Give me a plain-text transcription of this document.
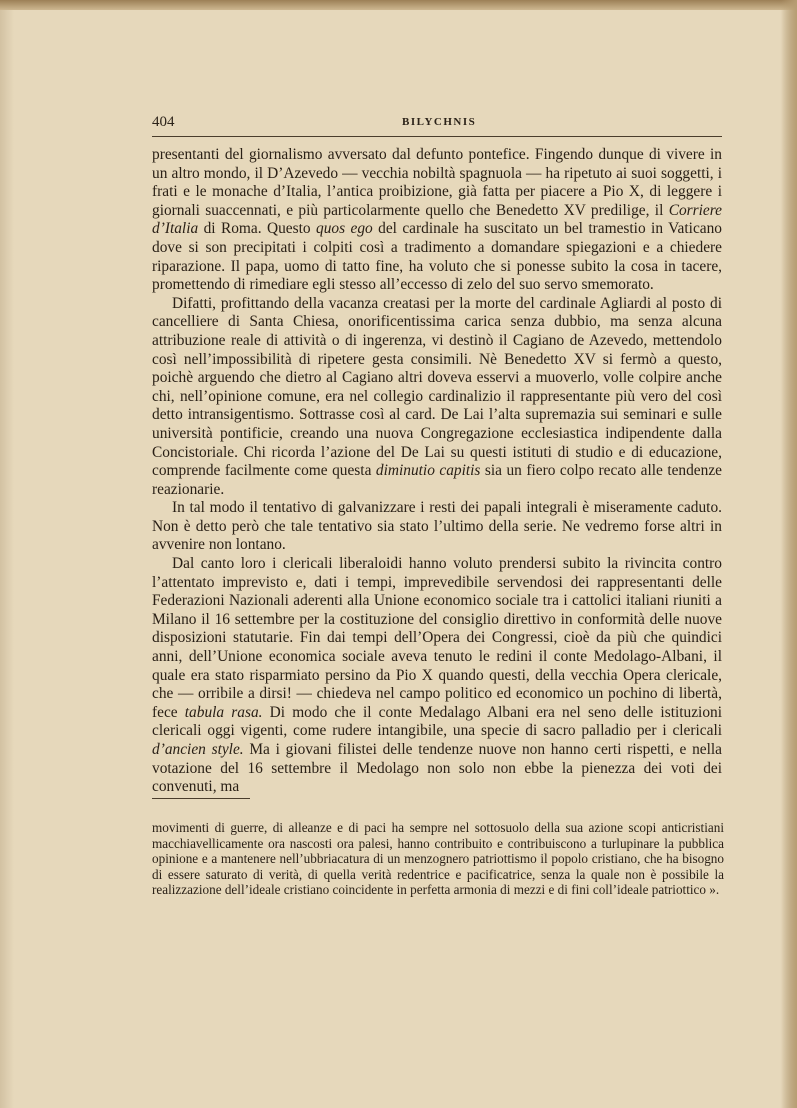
404	BILYCHNIS

presentanti del giornalismo avversato dal defunto pontefice. Fingendo dunque di vivere in un altro mondo, il D’Azevedo — vecchia nobiltà spagnuola — ha ripetuto ai suoi soggetti, i frati e le monache d’Italia, l’antica proibizione, già fatta per piacere a Pio X, di leggere i giornali suaccennati, e più particolarmente quello che Benedetto XV predilige, il Corriere d’Italia di Roma. Questo quos ego del cardinale ha suscitato un bel tramestio in Vaticano dove si son precipitati i colpiti così a tradimento a domandare spiegazioni e a chiedere riparazione. Il papa, uomo di tatto fine, ha voluto che si ponesse subito la cosa in tacere, promettendo di rimediare egli stesso all’eccesso di zelo del suo servo smemorato.

Difatti, profittando della vacanza creatasi per la morte del cardinale Agliardi al posto di cancelliere di Santa Chiesa, onorificentissima carica senza dubbio, ma senza alcuna attribuzione reale di attività o di ingerenza, vi destinò il Cagiano de Azevedo, mettendolo così nell’impossibilità di ripetere gesta consimili. Nè Benedetto XV si fermò a questo, poichè arguendo che dietro al Cagiano altri doveva esservi a muoverlo, volle colpire anche chi, nell’opinione comune, era nel collegio cardinalizio il rappresentante più vero del così detto intransigentismo. Sottrasse così al card. De Lai l’alta supremazia sui seminari e sulle università pontificie, creando una nuova Congregazione ecclesiastica indipendente dalla Concistoriale. Chi ricorda l’azione del De Lai su questi istituti di studio e di educazione, comprende facilmente come questa diminutio capitis sia un fiero colpo recato alle tendenze reazionarie.

In tal modo il tentativo di galvanizzare i resti dei papali integrali è miseramente caduto. Non è detto però che tale tentativo sia stato l’ultimo della serie. Ne vedremo forse altri in avvenire non lontano.

Dal canto loro i clericali liberaloidi hanno voluto prendersi subito la rivincita contro l’attentato imprevisto e, dati i tempi, imprevedibile servendosi dei rappresentanti delle Federazioni Nazionali aderenti alla Unione economico sociale tra i cattolici italiani riuniti a Milano il 16 settembre per la costituzione del consiglio direttivo in conformità delle nuove disposizioni statutarie. Fin dai tempi dell’Opera dei Congressi, cioè da più che quindici anni, dell’Unione economica sociale aveva tenuto le redini il conte Medolago-Albani, il quale era stato risparmiato persino da Pio X quando questi, della vecchia Opera clericale, che — orribile a dirsi! — chiedeva nel campo politico ed economico un pochino di libertà, fece tabula rasa. Di modo che il conte Medalago Albani era nel seno delle istituzioni clericali oggi vigenti, come rudere intangibile, una specie di sacro palladio per i clericali d’ancien style. Ma i giovani filistei delle tendenze nuove non hanno certi rispetti, e nella votazione del 16 settembre il Medolago non solo non ebbe la pienezza dei voti dei convenuti, ma

movimenti di guerre, di alleanze e di paci ha sempre nel sottosuolo della sua azione scopi anticristiani macchiavellicamente ora nascosti ora palesi, hanno contribuito e contribuiscono a turlupinare la pubblica opinione e a mantenere nell’ubbriacatura di un menzognero patriottismo il popolo cristiano, che ha bisogno di essere saturato di verità, di quella verità redentrice e pacificatrice, senza la quale non è possibile la realizzazione dell’ideale cristiano coincidente in perfetta armonia di mezzi e di fini coll’ideale patriottico ».
